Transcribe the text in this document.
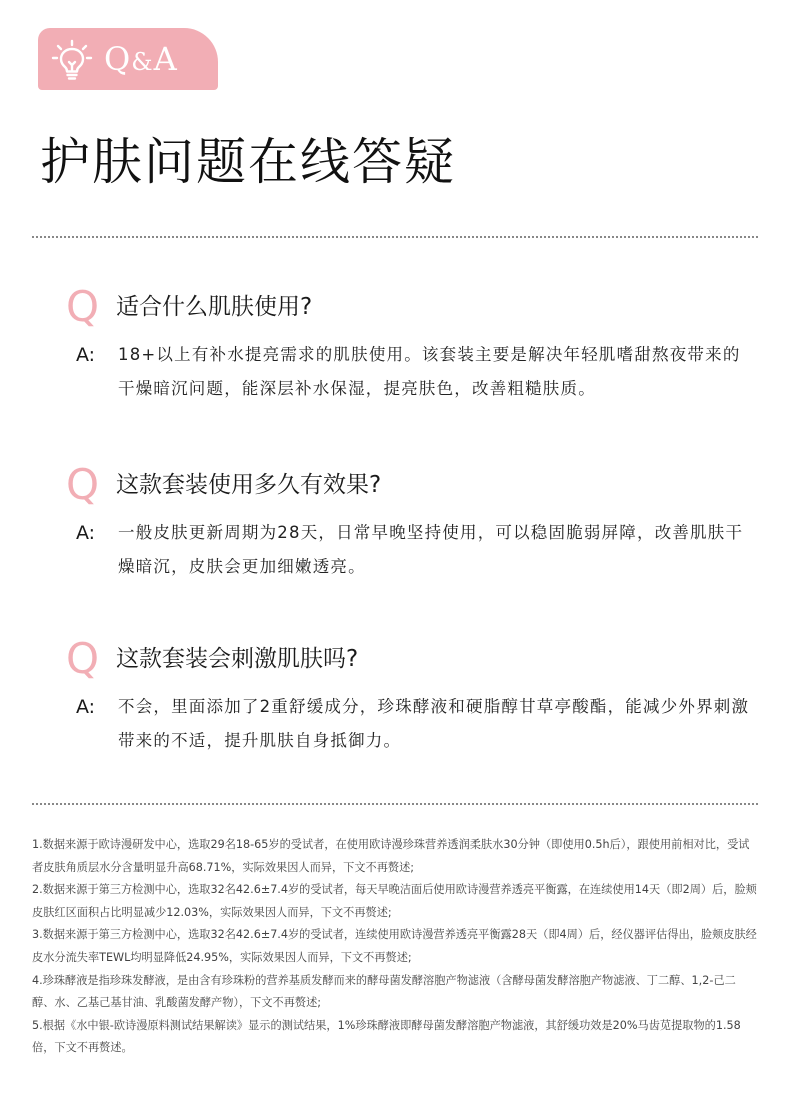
Q&A
护肤问题在线答疑
Q 适合什么肌肤使用?
A: 18+以上有补水提亮需求的肌肤使用。该套装主要是解决年轻肌嗜甜熬夜带来的干燥暗沉问题，能深层补水保湿，提亮肤色，改善粗糙肤质。
Q 这款套装使用多久有效果?
A: 一般皮肤更新周期为28天，日常早晚坚持使用，可以稳固脆弱屏障，改善肌肤干燥暗沉，皮肤会更加细嫩透亮。
Q 这款套装会刺激肌肤吗?
A: 不会，里面添加了2重舒缓成分，珍珠酵液和硬脂醇甘草亭酸酯，能减少外界刺激带来的不适，提升肌肤自身抵御力。

1.数据来源于欧诗漫研发中心，选取29名18-65岁的受试者，在使用欧诗漫珍珠营养透润柔肤水30分钟（即使用0.5h后），跟使用前相对比，受试者皮肤角质层水分含量明显升高68.71%，实际效果因人而异，下文不再赘述;

2.数据来源于第三方检测中心，选取32名42.6±7.4岁的受试者，每天早晚洁面后使用欧诗漫营养透亮平衡露，在连续使用14天（即2周）后，脸颊皮肤红区面积占比明显减少12.03%，实际效果因人而异，下文不再赘述;

3.数据来源于第三方检测中心，选取32名42.6±7.4岁的受试者，连续使用欧诗漫营养透亮平衡露28天（即4周）后，经仪器评估得出，脸颊皮肤经皮水分流失率TEWL均明显降低24.95%，实际效果因人而异，下文不再赘述;

4.珍珠酵液是指珍珠发酵液，是由含有珍珠粉的营养基质发酵而来的酵母菌发酵溶胞产物滤液（含酵母菌发酵溶胞产物滤液、丁二醇、1,2-己二醇、水、乙基己基甘油、乳酸菌发酵产物），下文不再赘述;

5.根据《水中银-欧诗漫原料测试结果解读》显示的测试结果，1%珍珠酵液即酵母菌发酵溶胞产物滤液，其舒缓功效是20%马齿苋提取物的1.58倍，下文不再赘述。
